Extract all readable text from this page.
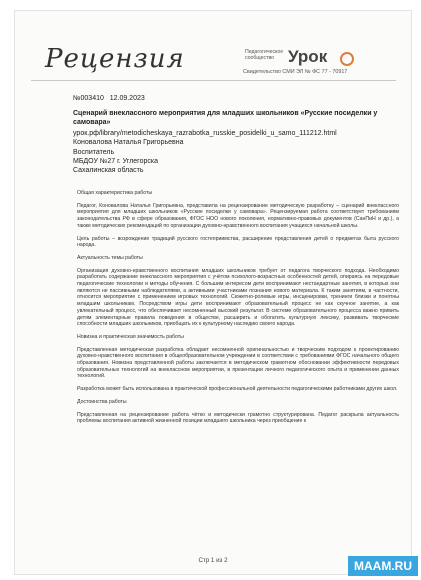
Рецензия	Педагогическое сообщество Урок
Свидетельство СМИ ЭЛ № ФС 77 - 70917
№003410 12.09.2023
Сценарий внеклассного мероприятия для младших школьников «Русские посиделки у самовара»
урок.рф/library/metodicheskaya_razrabotka_russkie_posidelki_u_samo_111212.html
Коновалова Наталья Григорьевна
Воспитатель
МБДОУ №27 г. Углегорска
Сахалинская область
Общая характеристика работы
Педагог, Коновалова Наталья Григорьевна, представила на рецензирование методическую разработку – сценарий внеклассного мероприятия для младших школьников «Русские посиделки у самовара». Рецензируемая работа соответствует требованиям законодательства РФ в сфере образования, ФГОС НОО нового поколения, нормативно-правовых документов (СанПиН и др.), а также методических рекомендаций по организации духовно-нравственного воспитания учащихся начальной школы.
Цель работы – возрождение традиций русского гостеприимства, расширение представления детей о предметах быта русского народа.
Актуальность темы работы
Организация духовно-нравственного воспитания младших школьников требует от педагога творческого подхода. Необходимо разработать содержание внеклассного мероприятия с учётом психолого-возрастных особенностей детей, опираясь на передовые педагогические технологии и методы обучения. С большим интересом дети воспринимают нестандартные занятия, в которых они являются не пассивными наблюдателями, а активными участниками познания нового материала. К таким занятиям, в частности, относится мероприятие с применением игровых технологий. Сюжетно-ролевые игры, инсценировки, тренинги близки и понятны младшим школьникам. Посредством игры дети воспринимают образовательный процесс не как скучное занятие, а как увлекательный процесс, что обеспечивает несомненный высокий результат. В системе образовательного процесса важно привить детям элементарные правила поведения в обществе, расширить и обогатить культурную лексику, развивать творческие способности младших школьников, приобщать их к культурному наследию своего народа.
Новизна и практическая значимость работы
Представленная методическая разработка обладает несомненной оригинальностью и творческим подходом к проектированию духовно-нравственного воспитания в общеобразовательном учреждении в соответствии с требованиями ФГОС начального общего образования. Новизна представленной работы заключается в методическом грамотном обосновании эффективности передовых образовательных технологий на внеклассном мероприятии, в презентации личного педагогического опыта и применении данных технологий.
Разработка может быть использована в практической профессиональной деятельности педагогическими работниками других школ.
Достоинства работы
Представленная на рецензирование работа чётко и методически грамотно структурирована. Педагог раскрыла актуальность проблемы воспитания активной жизненной позиции младшего школьника через приобщение к
Стр 1 из 2	MAAM.RU
